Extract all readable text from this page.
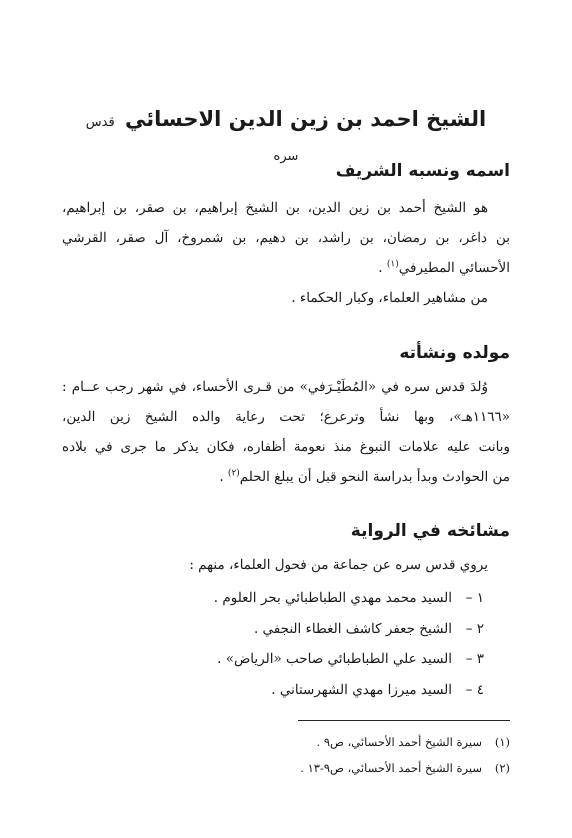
الشيخ احمد بن زين الدين الاحسائي قدس سره
اسمه ونسبه الشريف
هو الشيخ أحمد بن زين الدين، بن الشيخ إبراهيم، بن صقر، بن إبراهيم،
بن داغر، بن رمضان، بن راشد، بن دهيم، بن شمروخ، آل صقر، القرشي
الأحسائي المطيرفي$^{(١)}$ .
من مشاهير العلماء، وكبار الحكماء .
مولده ونشأته
وُلدَ قدس سره في «المُطَيْـرَفي» من قـرى الأحساء، في شهر رجب عــام :
«١١٦٦هـ»، وبها نشأ وترعرع؛ تحت رعاية والده الشيخ زين الدين،
وبانت عليه علامات النبوغ منذ نعومة أظفاره، فكان يذكر ما جرى في بلاده
من الحوادث وبدأ بدراسة النحو قبل أن يبلغ الحلم$^{(٢)}$ .
مشائخه في الرواية

يروي قدس سره عن جماعة من فحول العلماء، منهم :

١ –السيد محمد مهدي الطباطبائي بحر العلوم .
٢ –الشيخ جعفر كاشف الغطاء النجفي .
٣ –السيد علي الطباطبائي صاحب «الرياض» .
٤ –السيد ميرزا مهدي الشهرستاني .

(١)سيرة الشيخ أحمد الأحسائي، ص٩ .

(٢)سيرة الشيخ أحمد الأحسائي، ص٩-١٣ .
